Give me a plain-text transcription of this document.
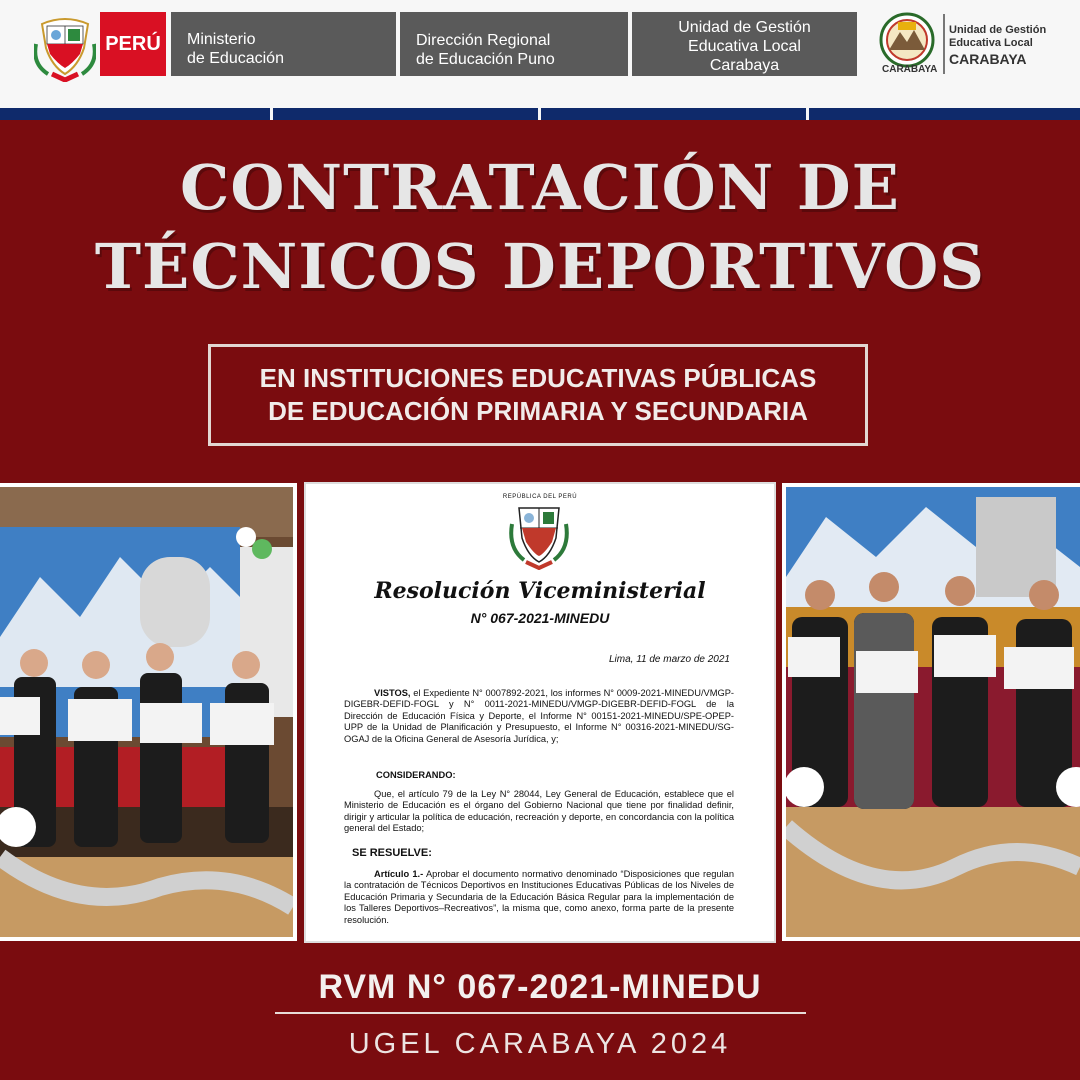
PERÚ Ministerio
de Educación
Dirección Regional
de Educación Puno
Unidad de Gestión
Educativa Local
Carabaya	CARABAYA
Unidad de Gestión
Educativa Local
CARABAYA
CONTRATACIÓN DE
TÉCNICOS DEPORTIVOS
EN INSTITUCIONES EDUCATIVAS PÚBLICAS
DE EDUCACIÓN PRIMARIA Y SECUNDARIA
REPÚBLICA DEL PERÚ
Resolución Viceministerial
N° 067-2021-MINEDU
Lima, 11 de marzo de 2021
VISTOS, el Expediente N° 0007892-2021, los informes N° 0009-2021-MINEDU/VMGP-DIGEBR-DEFID-FOGL y N° 0011-2021-MINEDU/VMGP-DIGEBR-DEFID-FOGL de la Dirección de Educación Física y Deporte, el Informe N° 00151-2021-MINEDU/SPE-OPEP-UPP de la Unidad de Planificación y Presupuesto, el Informe N° 00316-2021-MINEDU/SG-OGAJ de la Oficina General de Asesoría Jurídica, y;
CONSIDERANDO:
Que, el artículo 79 de la Ley N° 28044, Ley General de Educación, establece que el Ministerio de Educación es el órgano del Gobierno Nacional que tiene por finalidad definir, dirigir y articular la política de educación, recreación y deporte, en concordancia con la política general del Estado;
SE RESUELVE:
Artículo 1.- Aprobar el documento normativo denominado “Disposiciones que regulan la contratación de Técnicos Deportivos en Instituciones Educativas Públicas de los Niveles de Educación Primaria y Secundaria de la Educación Básica Regular para la implementación de los Talleres Deportivos–Recreativos”, la misma que, como anexo, forma parte de la presente resolución.
RVM N° 067-2021-MINEDU
UGEL CARABAYA 2024
